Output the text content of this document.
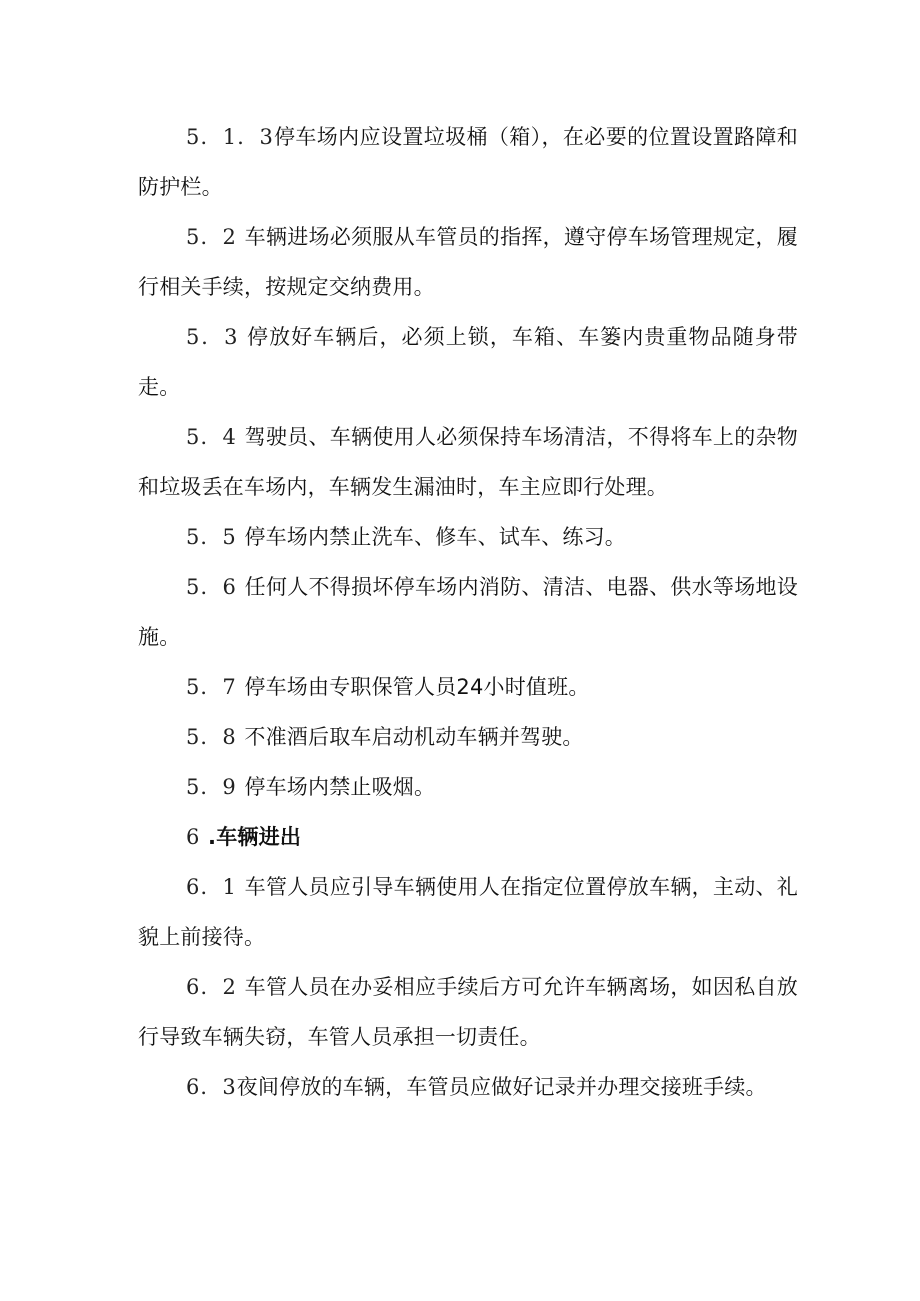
5．1．3停车场内应设置垃圾桶（箱），在必要的位置设置路障和防护栏。

5．2 车辆进场必须服从车管员的指挥，遵守停车场管理规定，履行相关手续，按规定交纳费用。

5．3 停放好车辆后，必须上锁，车箱、车篓内贵重物品随身带走。

5．4 驾驶员、车辆使用人必须保持车场清洁，不得将车上的杂物和垃圾丢在车场内，车辆发生漏油时，车主应即行处理。

5．5 停车场内禁止洗车、修车、试车、练习。

5．6 任何人不得损坏停车场内消防、清洁、电器、供水等场地设施。

5．7 停车场由专职保管人员24小时值班。

5．8 不准酒后取车启动机动车辆并驾驶。

5．9 停车场内禁止吸烟。

6 .车辆进出

6．1 车管人员应引导车辆使用人在指定位置停放车辆，主动、礼貌上前接待。

6．2 车管人员在办妥相应手续后方可允许车辆离场，如因私自放行导致车辆失窃，车管人员承担一切责任。

6．3夜间停放的车辆，车管员应做好记录并办理交接班手续。
